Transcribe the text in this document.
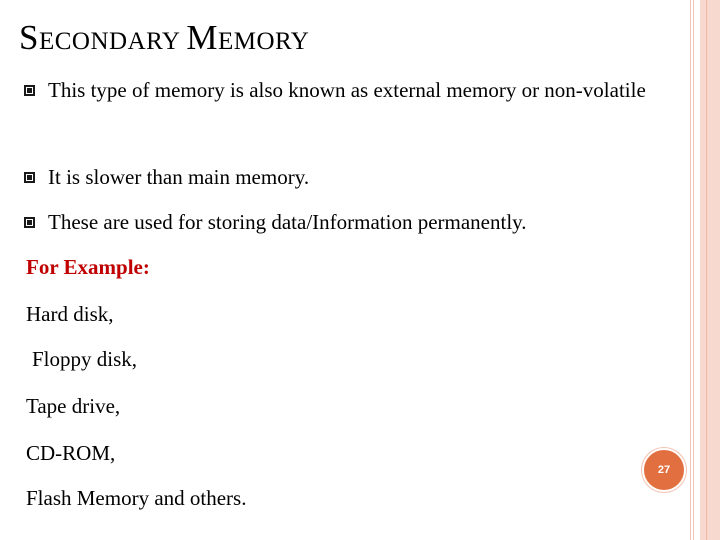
SECONDARY MEMORY
This type of memory is also known as external memory or non-volatile
It is slower than main memory.
These are used for storing data/Information permanently.

For Example:

Hard disk,

Floppy disk,

Tape drive,

CD-ROM,

Flash Memory and others.

27
